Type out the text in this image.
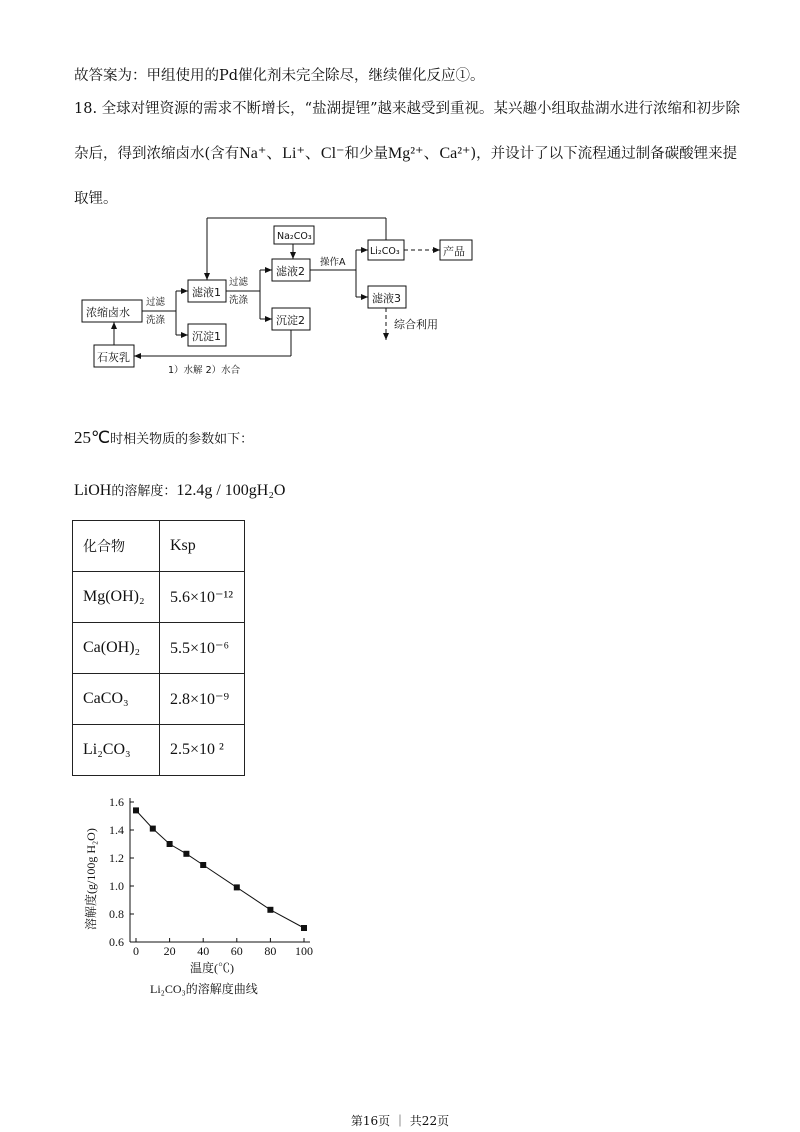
故答案为：甲组使用的Pd催化剂未完全除尽，继续催化反应①。
18. 全球对锂资源的需求不断增长，“盐湖提锂”越来越受到重视。某兴趣小组取盐湖水进行浓缩和初步除
杂后，得到浓缩卤水(含有Na⁺、Li⁺、Cl⁻和少量Mg²⁺、Ca²⁺)，并设计了以下流程通过制备碳酸锂来提
取锂。
浓缩卤水
滤液1
沉淀1
滤液2
沉淀2
Na₂CO₃
Li₂CO₃	产品
滤液3
石灰乳
过滤
洗涤
过滤
洗涤
操作A
综合利用
1）水解 2）水合
25℃时相关物质的参数如下：
LiOH的溶解度：12.4g / 100gH₂O
化合物	Ksp
Mg(OH)₂	5.6×10⁻¹²
Ca(OH)₂	5.5×10⁻⁶
CaCO₃	2.8×10⁻⁹
Li₂CO₃	2.5×10 ²
0.6
0.8
1.0
1.2
1.4
1.6
0 20 40 60 80 100
温度(℃)
Li₂CO₃的溶解度曲线
溶解度(g/100g H₂O)
第16页 ｜ 共22页
